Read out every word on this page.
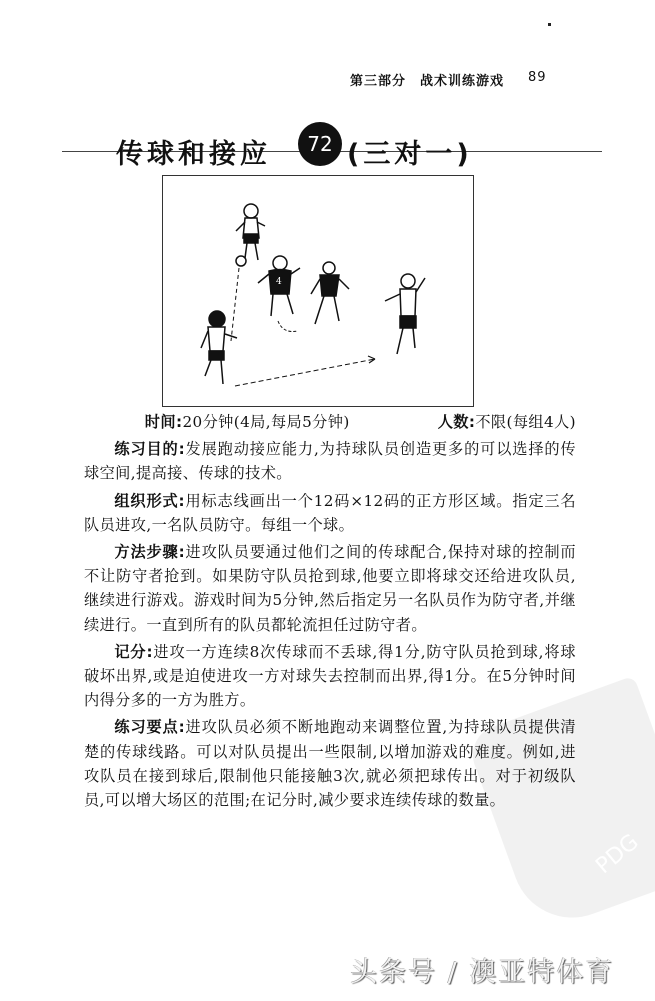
第三部分 战术训练游戏 89
传球和接应 72 (三对一)
4
PDG

时间:20分钟(4局,每局5分钟)	人数:不限(每组4人)

练习目的:发展跑动接应能力,为持球队员创造更多的可以选择的传球空间,提高接、传球的技术。

组织形式:用标志线画出一个12码×12码的正方形区域。指定三名队员进攻,一名队员防守。每组一个球。

方法步骤:进攻队员要通过他们之间的传球配合,保持对球的控制而不让防守者抢到。如果防守队员抢到球,他要立即将球交还给进攻队员,继续进行游戏。游戏时间为5分钟,然后指定另一名队员作为防守者,并继续进行。一直到所有的队员都轮流担任过防守者。

记分:进攻一方连续8次传球而不丢球,得1分,防守队员抢到球,将球破坏出界,或是迫使进攻一方对球失去控制而出界,得1分。在5分钟时间内得分多的一方为胜方。

练习要点:进攻队员必须不断地跑动来调整位置,为持球队员提供清楚的传球线路。可以对队员提出一些限制,以增加游戏的难度。例如,进攻队员在接到球后,限制他只能接触3次,就必须把球传出。对于初级队员,可以增大场区的范围;在记分时,减少要求连续传球的数量。

头条号 / 澳亚特体育
